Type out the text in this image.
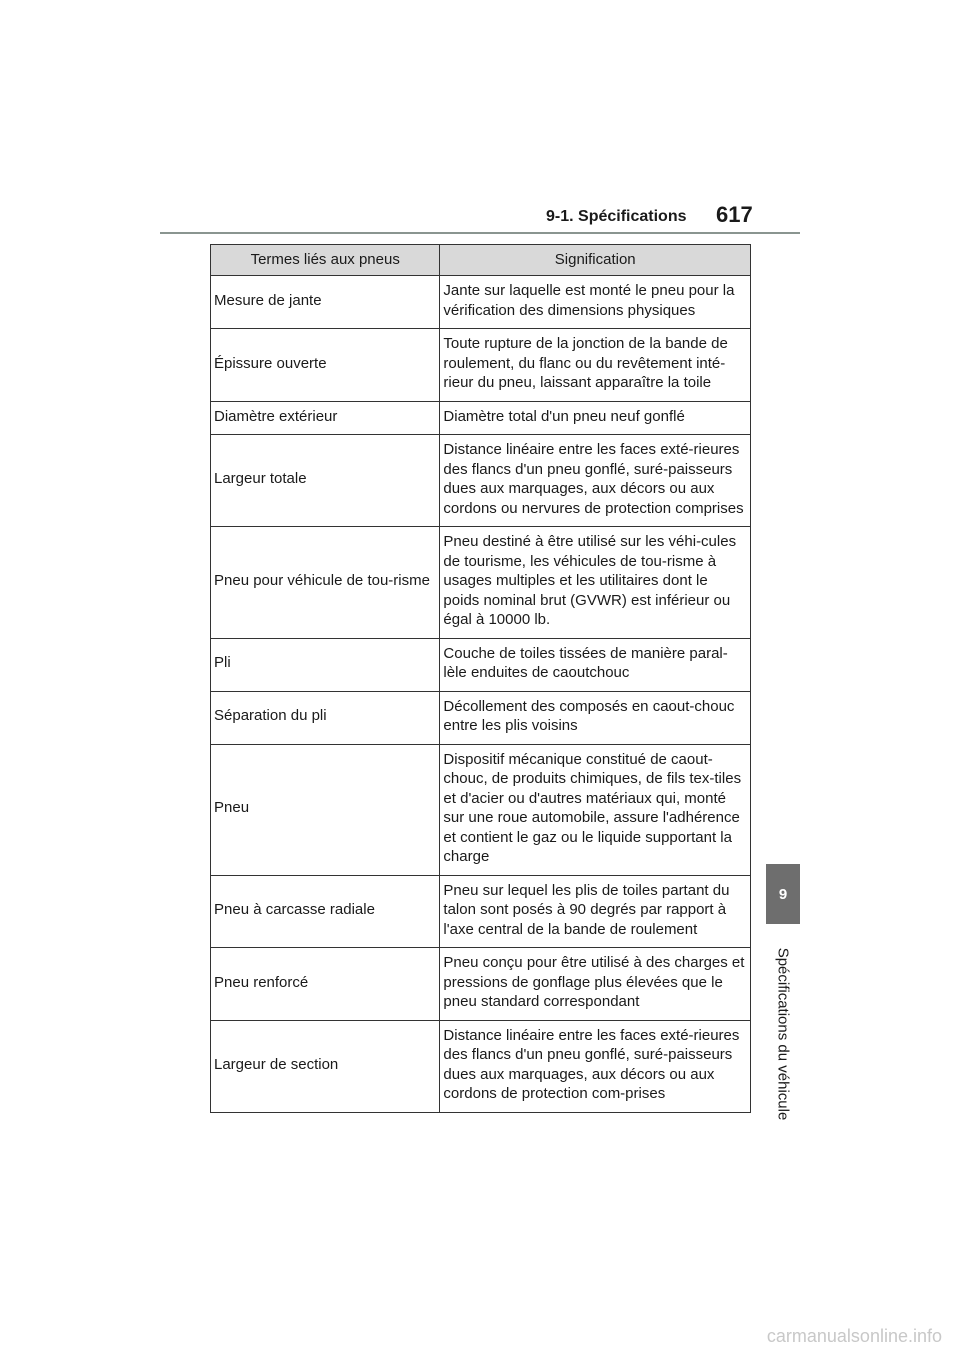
9-1. Spécifications 617
9
Spécifications du véhicule
Termes liés aux pneus	Signification
Mesure de jante	Jante sur laquelle est monté le pneu pour la vérification des dimensions physiques
Épissure ouverte	Toute rupture de la jonction de la bande de roulement, du flanc ou du revêtement inté-rieur du pneu, laissant apparaître la toile
Diamètre extérieur	Diamètre total d'un pneu neuf gonflé
Largeur totale	Distance linéaire entre les faces exté-rieures des flancs d'un pneu gonflé, suré-paisseurs dues aux marquages, aux décors ou aux cordons ou nervures de protection comprises
Pneu pour véhicule de tou-risme	Pneu destiné à être utilisé sur les véhi-cules de tourisme, les véhicules de tou-risme à usages multiples et les utilitaires dont le poids nominal brut (GVWR) est inférieur ou égal à 10000 lb.
Pli	Couche de toiles tissées de manière paral-lèle enduites de caoutchouc
Séparation du pli	Décollement des composés en caout-chouc entre les plis voisins
Pneu	Dispositif mécanique constitué de caout-chouc, de produits chimiques, de fils tex-tiles et d'acier ou d'autres matériaux qui, monté sur une roue automobile, assure l'adhérence et contient le gaz ou le liquide supportant la charge
Pneu à carcasse radiale	Pneu sur lequel les plis de toiles partant du talon sont posés à 90 degrés par rapport à l'axe central de la bande de roulement
Pneu renforcé	Pneu conçu pour être utilisé à des charges et pressions de gonflage plus élevées que le pneu standard correspondant
Largeur de section	Distance linéaire entre les faces exté-rieures des flancs d'un pneu gonflé, suré-paisseurs dues aux marquages, aux décors ou aux cordons de protection com-prises
carmanualsonline.info
